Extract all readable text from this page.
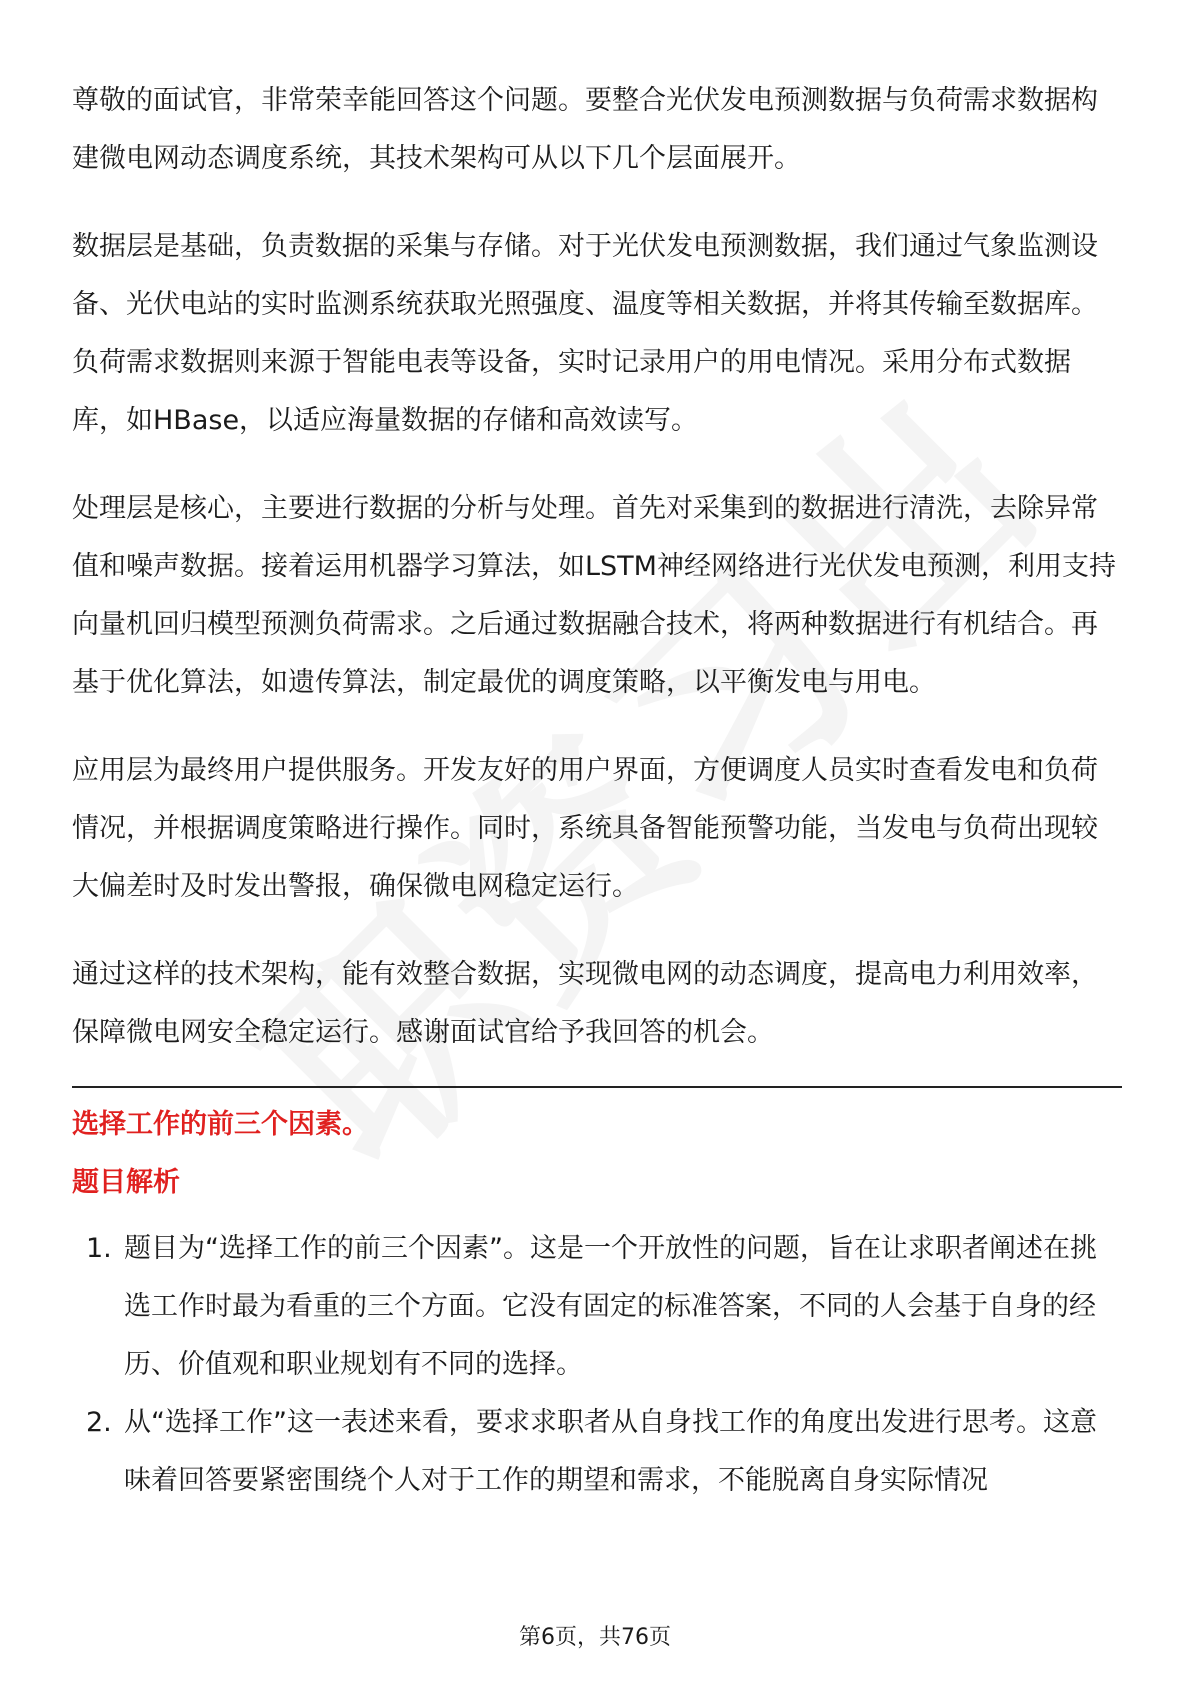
尊敬的面试官，非常荣幸能回答这个问题。要整合光伏发电预测数据与负荷需求数据构建微电网动态调度系统，其技术架构可从以下几个层面展开。

数据层是基础，负责数据的采集与存储。对于光伏发电预测数据，我们通过气象监测设备、光伏电站的实时监测系统获取光照强度、温度等相关数据，并将其传输至数据库。负荷需求数据则来源于智能电表等设备，实时记录用户的用电情况。采用分布式数据库，如HBase，以适应海量数据的存储和高效读写。

处理层是核心，主要进行数据的分析与处理。首先对采集到的数据进行清洗，去除异常值和噪声数据。接着运用机器学习算法，如LSTM神经网络进行光伏发电预测，利用支持向量机回归模型预测负荷需求。之后通过数据融合技术，将两种数据进行有机结合。再基于优化算法，如遗传算法，制定最优的调度策略，以平衡发电与用电。

应用层为最终用户提供服务。开发友好的用户界面，方便调度人员实时查看发电和负荷情况，并根据调度策略进行操作。同时，系统具备智能预警功能，当发电与负荷出现较大偏差时及时发出警报，确保微电网稳定运行。

通过这样的技术架构，能有效整合数据，实现微电网的动态调度，提高电力利用效率，保障微电网安全稳定运行。感谢面试官给予我回答的机会。

选择工作的前三个因素。

题目解析

1. 题目为“选择工作的前三个因素”。这是一个开放性的问题，旨在让求职者阐述在挑选工作时最为看重的三个方面。它没有固定的标准答案，不同的人会基于自身的经历、价值观和职业规划有不同的选择。
2. 从“选择工作”这一表述来看，要求求职者从自身找工作的角度出发进行思考。这意味着回答要紧密围绕个人对于工作的期望和需求，不能脱离自身实际情况
第6页，共76页
